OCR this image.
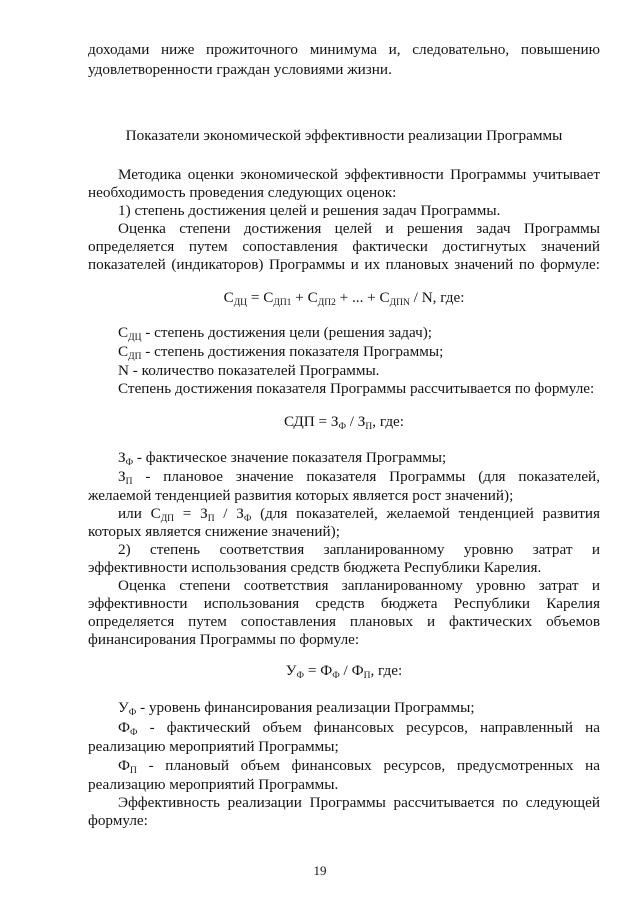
доходами ниже прожиточного минимума и, следовательно, повышению
удовлетворенности граждан условиями жизни.
Показатели экономической эффективности реализации Программы
Методика оценки экономической эффективности Программы учитывает
необходимость проведения следующих оценок:
1) степень достижения целей и решения задач Программы.
Оценка степени достижения целей и решения задач Программы
определяется путем сопоставления фактически достигнутых значений
показателей (индикаторов) Программы и их плановых значений по формуле:
$С_{ДЦ} = С_{ДП1} + С_{ДП2}$ + ... + $С_{ДПN}$ / N, где:
$С_{ДЦ}$ - степень достижения цели (решения задач);
$С_{ДП}$ - степень достижения показателя Программы;
N - количество показателей Программы.
Степень достижения показателя Программы рассчитывается по формуле:
СДП = $З_Ф / З_П$, где:
$З_Ф$ - фактическое значение показателя Программы;
$З_П$ - плановое значение показателя Программы (для показателей,
желаемой тенденцией развития которых является рост значений);
или $С_{ДП} = З_П / З_Ф$ (для показателей, желаемой тенденцией развития
которых является снижение значений);
2) степень соответствия запланированному уровню затрат и
эффективности использования средств бюджета Республики Карелия.
Оценка степени соответствия запланированному уровню затрат и
эффективности использования средств бюджета Республики Карелия
определяется путем сопоставления плановых и фактических объемов
финансирования Программы по формуле:
$У_Ф = Ф_Ф / Ф_П$, где:
$У_Ф$ - уровень финансирования реализации Программы;
$Ф_Ф$ - фактический объем финансовых ресурсов, направленный на
реализацию мероприятий Программы;
$Ф_П$ - плановый объем финансовых ресурсов, предусмотренных на
реализацию мероприятий Программы.
Эффективность реализации Программы рассчитывается по следующей
формуле:
19
